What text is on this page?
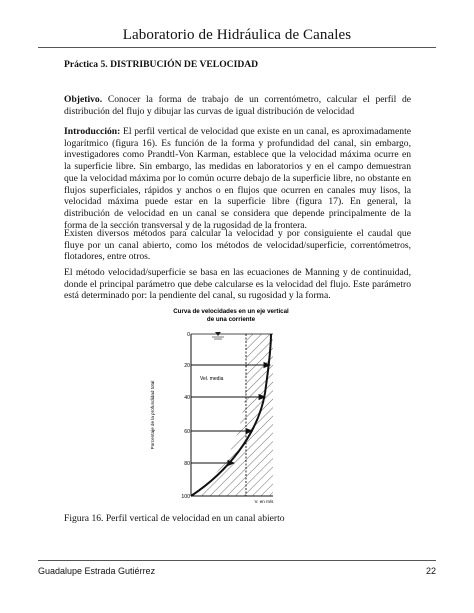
Laboratorio de Hidráulica de Canales
Práctica 5. DISTRIBUCIÓN DE VELOCIDAD
Objetivo. Conocer la forma de trabajo de un correntómetro, calcular el perfil de distribución del flujo y dibujar las curvas de igual distribución de velocidad
Introducción: El perfil vertical de velocidad que existe en un canal, es aproximadamente logarítmico (figura 16). Es función de la forma y profundidad del canal, sin embargo, investigadores como Prandtl-Von Karman, establece que la velocidad máxima ocurre en la superficie libre. Sin embargo, las medidas en laboratorios y en el campo demuestran que la velocidad máxima por lo común ocurre debajo de la superficie libre, no obstante en flujos superficiales, rápidos y anchos o en flujos que ocurren en canales muy lisos, la velocidad máxima puede estar en la superficie libre (figura 17). En general, la distribución de velocidad en un canal se considera que depende principalmente de la forma de la sección transversal y de la rugosidad de la frontera.
Existen diversos métodos para calcular la velocidad y por consiguiente el caudal que fluye por un canal abierto, como los métodos de velocidad/superficie, correntómetros, flotadores, entre otros.
El método velocidad/superficie se basa en las ecuaciones de Manning y de continuidad, donde el principal parámetro que debe calcularse es la velocidad del flujo. Este parámetro está determinado por: la pendiente del canal, su rugosidad y la forma.
Curva de velocidades en un eje vertical
de una corriente
0
20
40
60
80
100
Porcentaje de la profundidad total
Vel. media
V. en m/s
Figura 16. Perfil vertical de velocidad en un canal abierto
Guadalupe Estrada Gutiérrez	22
